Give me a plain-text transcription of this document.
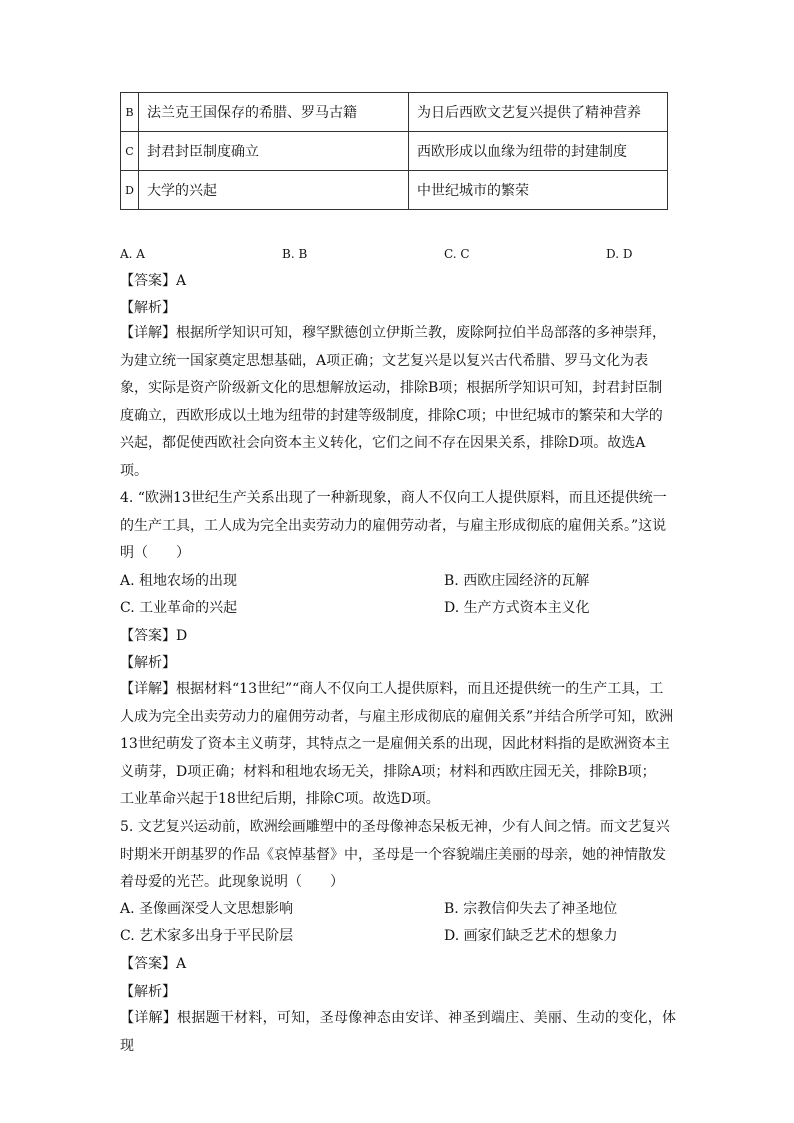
B	法兰克王国保存的希腊、罗马古籍	为日后西欧文艺复兴提供了精神营养
C	封君封臣制度确立	西欧形成以血缘为纽带的封建制度
D	大学的兴起	中世纪城市的繁荣
A. A	B. B	C. C	D. D
【答案】A
【解析】
【详解】根据所学知识可知，穆罕默德创立伊斯兰教，废除阿拉伯半岛部落的多神崇拜，
为建立统一国家奠定思想基础，A项正确；文艺复兴是以复兴古代希腊、罗马文化为表
象，实际是资产阶级新文化的思想解放运动，排除B项；根据所学知识可知，封君封臣制
度确立，西欧形成以土地为纽带的封建等级制度，排除C项；中世纪城市的繁荣和大学的
兴起，都促使西欧社会向资本主义转化，它们之间不存在因果关系，排除D项。故选A
项。
4. “欧洲13世纪生产关系出现了一种新现象，商人不仅向工人提供原料，而且还提供统一
的生产工具，工人成为完全出卖劳动力的雇佣劳动者，与雇主形成彻底的雇佣关系。”这说
明（　　）
A. 租地农场的出现	B. 西欧庄园经济的瓦解
C. 工业革命的兴起	D. 生产方式资本主义化
【答案】D
【解析】
【详解】根据材料“13世纪”“商人不仅向工人提供原料，而且还提供统一的生产工具，工
人成为完全出卖劳动力的雇佣劳动者，与雇主形成彻底的雇佣关系”并结合所学可知，欧洲
13世纪萌发了资本主义萌芽，其特点之一是雇佣关系的出现，因此材料指的是欧洲资本主
义萌芽，D项正确；材料和租地农场无关，排除A项；材料和西欧庄园无关，排除B项；
工业革命兴起于18世纪后期，排除C项。故选D项。
5. 文艺复兴运动前，欧洲绘画雕塑中的圣母像神态呆板无神，少有人间之情。而文艺复兴
时期米开朗基罗的作品《哀悼基督》中，圣母是一个容貌端庄美丽的母亲，她的神情散发
着母爱的光芒。此现象说明（　　）
A. 圣像画深受人文思想影响	B. 宗教信仰失去了神圣地位
C. 艺术家多出身于平民阶层	D. 画家们缺乏艺术的想象力
【答案】A
【解析】
【详解】根据题干材料，可知，圣母像神态由安详、神圣到端庄、美丽、生动的变化，体现
